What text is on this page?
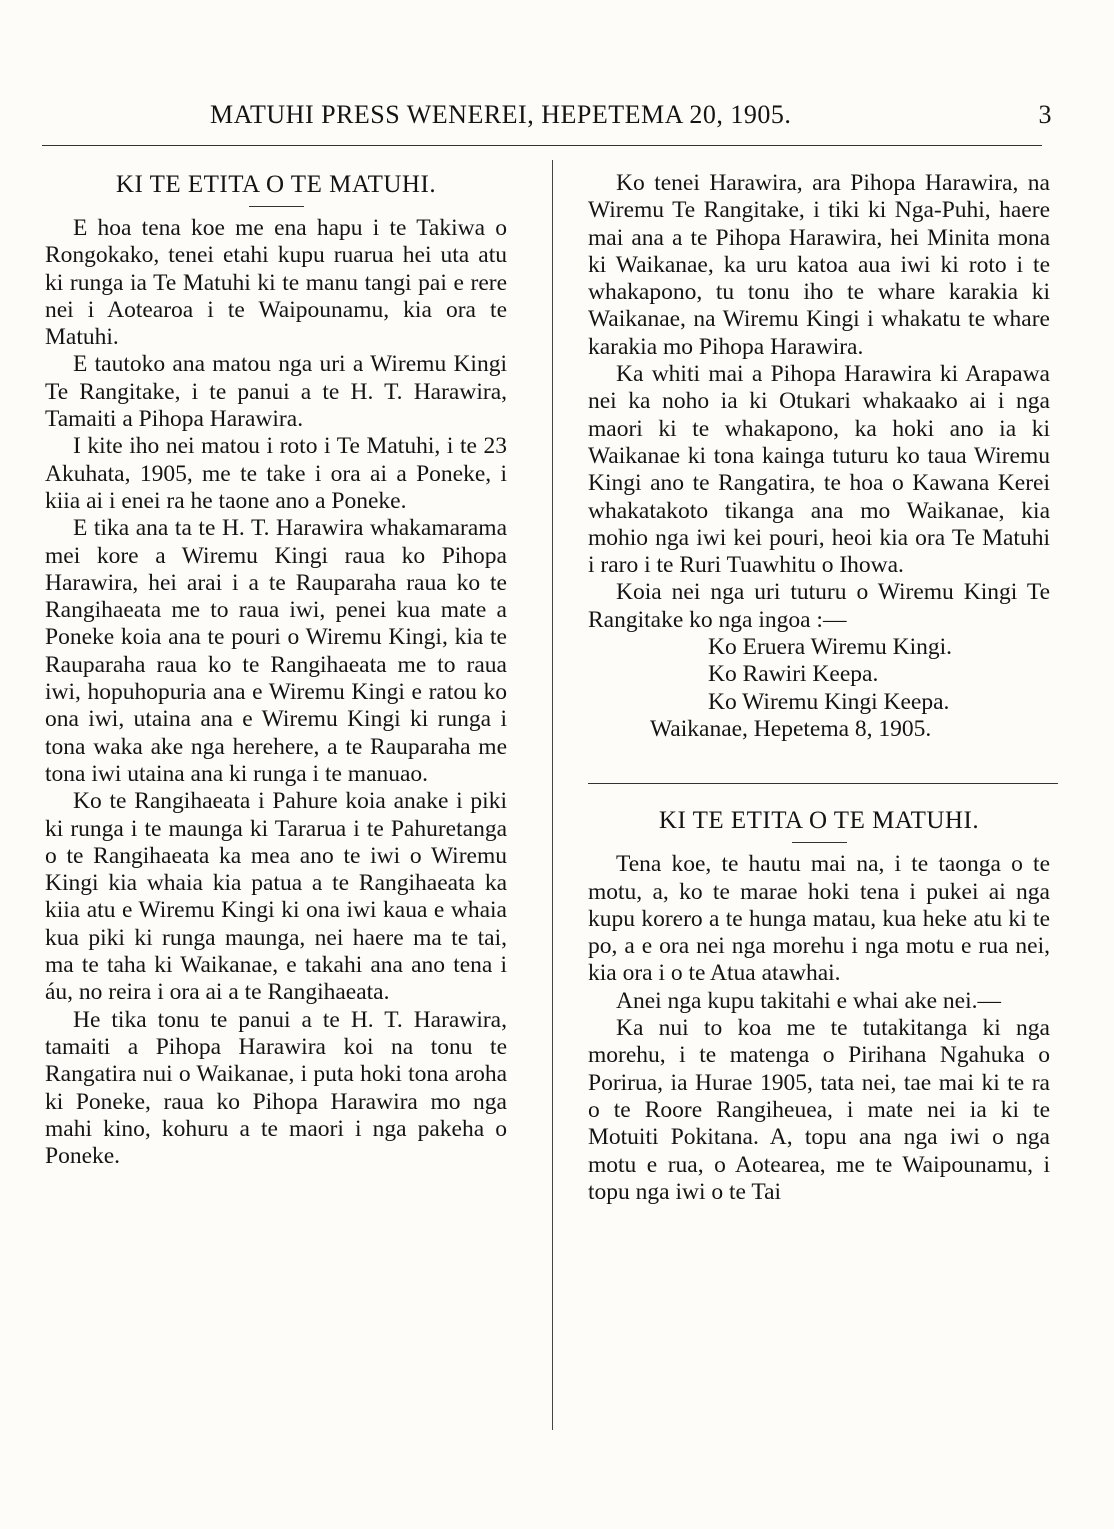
MATUHI PRESS WENEREI, HEPETEMA 20, 1905.	3
KI TE ETITA O TE MATUHI.

E hoa tena koe me ena hapu i te Takiwa o Rongokako, tenei etahi kupu ruarua hei uta atu ki runga ia Te Matuhi ki te manu tangi pai e rere nei i Aotearoa i te Waipounamu, kia ora te Matuhi.

E tautoko ana matou nga uri a Wiremu Kingi Te Rangitake, i te panui a te H. T. Harawira, Tamaiti a Pihopa Harawira.

I kite iho nei matou i roto i Te Matuhi, i te 23 Akuhata, 1905, me te take i ora ai a Poneke, i kiia ai i enei ra he taone ano a Poneke.

E tika ana ta te H. T. Harawira whakamarama mei kore a Wiremu Kingi raua ko Pihopa Harawira, hei arai i a te Rauparaha raua ko te Rangihaeata me to raua iwi, penei kua mate a Poneke koia ana te pouri o Wiremu Kingi, kia te Rauparaha raua ko te Rangihaeata me to raua iwi, hopuhopuria ana e Wiremu Kingi e ratou ko ona iwi, utaina ana e Wiremu Kingi ki runga i tona waka ake nga herehere, a te Rauparaha me tona iwi utaina ana ki runga i te manuao.

Ko te Rangihaeata i Pahure koia anake i piki ki runga i te maunga ki Tararua i te Pahuretanga o te Rangihaeata ka mea ano te iwi o Wiremu Kingi kia whaia kia patua a te Rangihaeata ka kiia atu e Wiremu Kingi ki ona iwi kaua e whaia kua piki ki runga maunga, nei haere ma te tai, ma te taha ki Waikanae, e takahi ana ano tena i áu, no reira i ora ai a te Rangihaeata.

He tika tonu te panui a te H. T. Harawira, tamaiti a Pihopa Harawira koi na tonu te Rangatira nui o Waikanae, i puta hoki tona aroha ki Poneke, raua ko Pihopa Harawira mo nga mahi kino, kohuru a te maori i nga pakeha o Poneke.

Ko tenei Harawira, ara Pihopa Harawira, na Wiremu Te Rangitake, i tiki ki Nga-Puhi, haere mai ana a te Pihopa Harawira, hei Minita mona ki Waikanae, ka uru katoa aua iwi ki roto i te whakapono, tu tonu iho te whare karakia ki Waikanae, na Wiremu Kingi i whakatu te whare karakia mo Pihopa Harawira.

Ka whiti mai a Pihopa Harawira ki Arapawa nei ka noho ia ki Otukari whakaako ai i nga maori ki te whakapono, ka hoki ano ia ki Waikanae ki tona kainga tuturu ko taua Wiremu Kingi ano te Rangatira, te hoa o Kawana Kerei whakatakoto tikanga ana mo Waikanae, kia mohio nga iwi kei pouri, heoi kia ora Te Matuhi i raro i te Ruri Tuawhitu o Ihowa.

Koia nei nga uri tuturu o Wiremu Kingi Te Rangitake ko nga ingoa :—

Ko Eruera Wiremu Kingi.

Ko Rawiri Keepa.

Ko Wiremu Kingi Keepa.

Waikanae, Hepetema 8, 1905.

KI TE ETITA O TE MATUHI.

Tena koe, te hautu mai na, i te taonga o te motu, a, ko te marae hoki tena i pukei ai nga kupu korero a te hunga matau, kua heke atu ki te po, a e ora nei nga morehu i nga motu e rua nei, kia ora i o te Atua atawhai.

Anei nga kupu takitahi e whai ake nei.—

Ka nui to koa me te tutakitanga ki nga morehu, i te matenga o Pirihana Ngahuka o Porirua, ia Hurae 1905, tata nei, tae mai ki te ra o te Roore Rangiheuea, i mate nei ia ki te Motuiti Pokitana. A, topu ana nga iwi o nga motu e rua, o Aotearea, me te Waipounamu, i topu nga iwi o te Tai
